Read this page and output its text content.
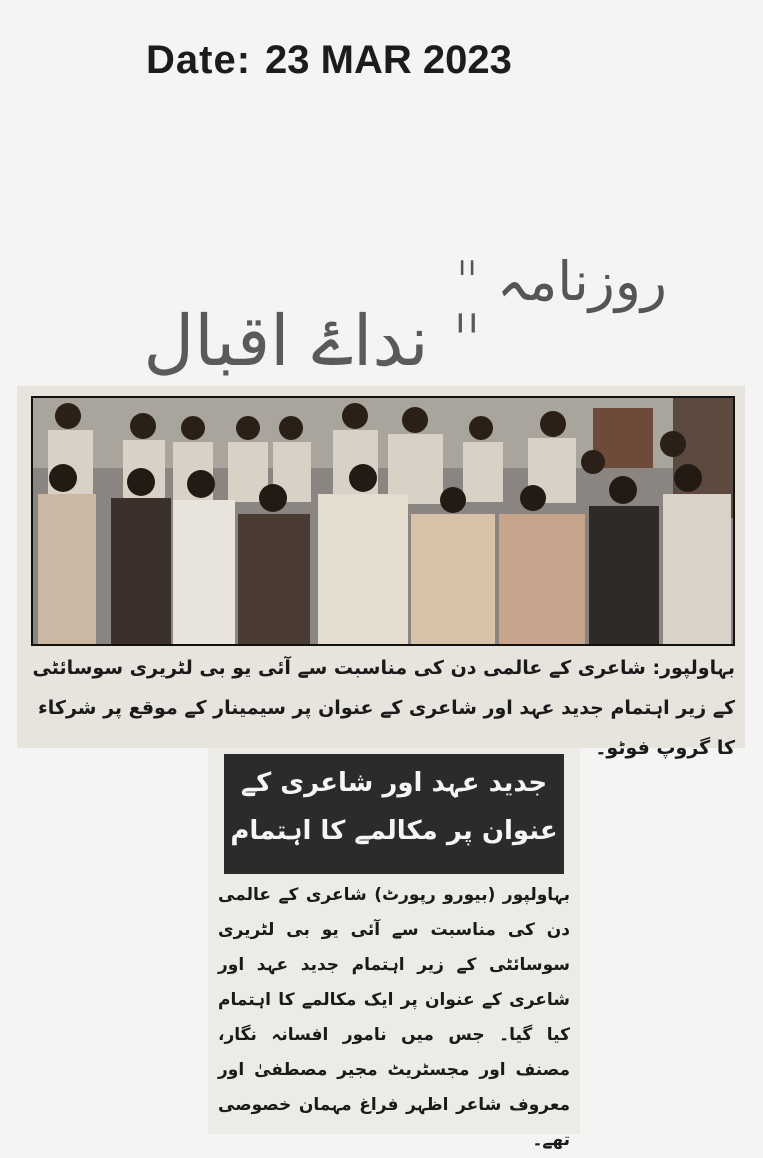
Date: 23 MAR 2023
روزنامہ "
" نداۓ اقبال
بہاولپور: شاعری کے عالمی دن کی مناسبت سے آئی یو بی لٹریری سوسائٹی کے زیر اہتمام جدید عہد اور شاعری کے عنوان پر سیمینار کے موقع پر شرکاء کا گروپ فوٹو۔
جدید عہد اور شاعری کے
عنوان پر مکالمے کا اہتمام
بہاولپور (بیورو رپورٹ) شاعری کے عالمی دن کی مناسبت سے آئی یو بی لٹریری سوسائٹی کے زیر اہتمام جدید عہد اور شاعری کے عنوان پر ایک مکالمے کا اہتمام کیا گیا۔ جس میں نامور افسانہ نگار، مصنف اور مجسٹریٹ مجیر مصطفیٰ اور معروف شاعر اظہر فراغ مہمان خصوصی تھے۔
